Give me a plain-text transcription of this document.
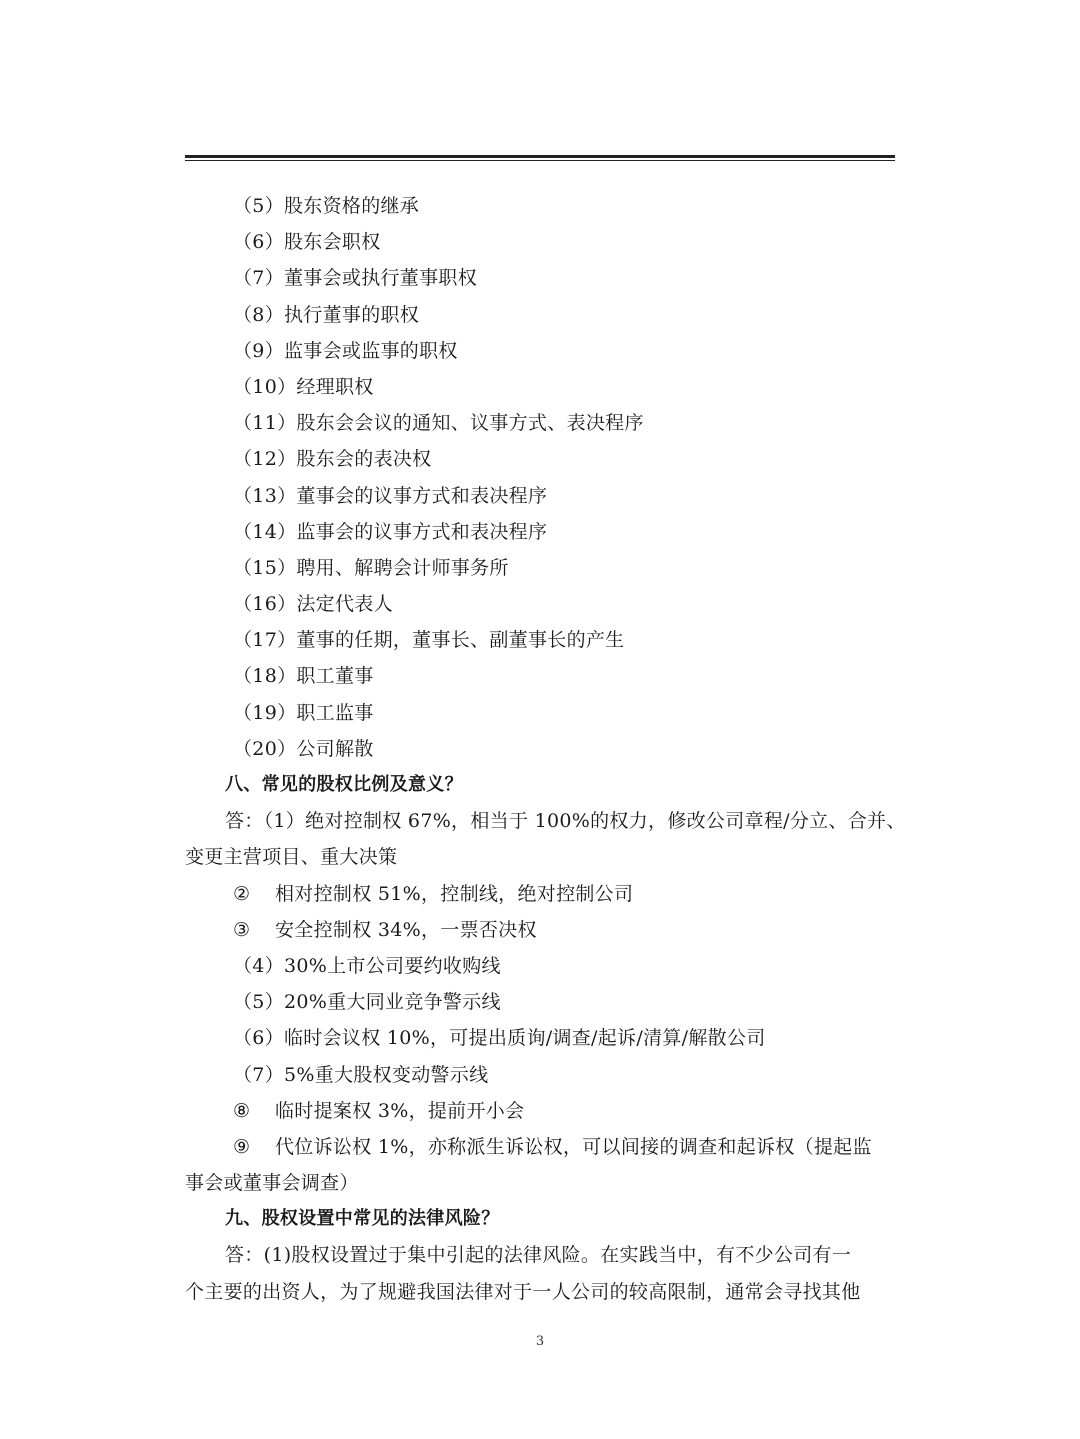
（5）股东资格的继承
（6）股东会职权
（7）董事会或执行董事职权
（8）执行董事的职权
（9）监事会或监事的职权
（10）经理职权
（11）股东会会议的通知、议事方式、表决程序
（12）股东会的表决权
（13）董事会的议事方式和表决程序
（14）监事会的议事方式和表决程序
（15）聘用、解聘会计师事务所
（16）法定代表人
（17）董事的任期，董事长、副董事长的产生
（18）职工董事
（19）职工监事
（20）公司解散
八、常见的股权比例及意义？
答：（1）绝对控制权 67%，相当于 100%的权力，修改公司章程/分立、合并、
变更主营项目、重大决策
② 相对控制权 51%，控制线，绝对控制公司
③ 安全控制权 34%，一票否决权
（4）30%上市公司要约收购线
（5）20%重大同业竞争警示线
（6）临时会议权 10%，可提出质询/调查/起诉/清算/解散公司
（7）5%重大股权变动警示线
⑧ 临时提案权 3%，提前开小会
⑨ 代位诉讼权 1%，亦称派生诉讼权，可以间接的调查和起诉权（提起监
事会或董事会调查）
九、股权设置中常见的法律风险？
答：(1)股权设置过于集中引起的法律风险。在实践当中，有不少公司有一
个主要的出资人，为了规避我国法律对于一人公司的较高限制，通常会寻找其他
3
